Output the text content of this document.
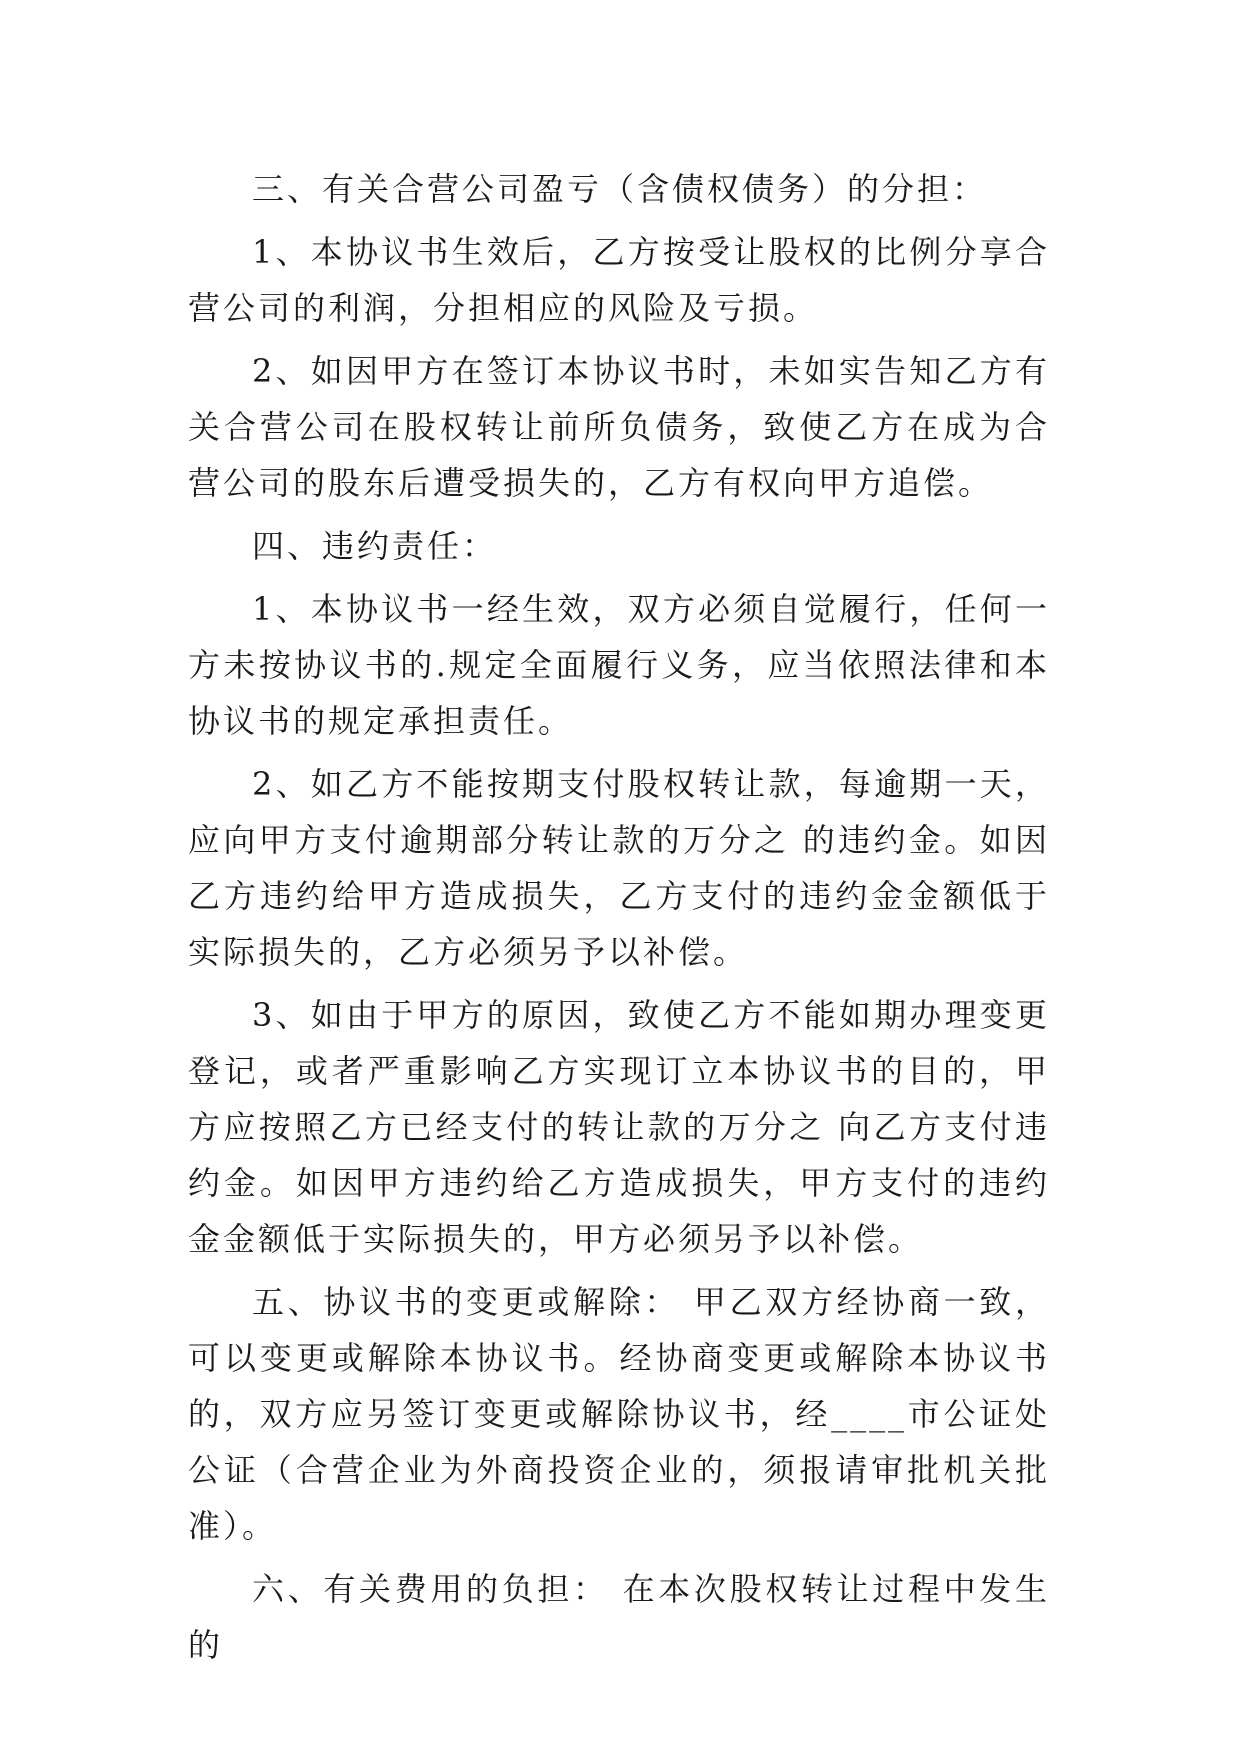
三、有关合营公司盈亏（含债权债务）的分担：

1、本协议书生效后，乙方按受让股权的比例分享合营公司的利润，分担相应的风险及亏损。

2、如因甲方在签订本协议书时，未如实告知乙方有关合营公司在股权转让前所负债务，致使乙方在成为合营公司的股东后遭受损失的，乙方有权向甲方追偿。

四、违约责任：

1、本协议书一经生效，双方必须自觉履行，任何一方未按协议书的.规定全面履行义务，应当依照法律和本协议书的规定承担责任。

2、如乙方不能按期支付股权转让款，每逾期一天，应向甲方支付逾期部分转让款的万分之 的违约金。如因乙方违约给甲方造成损失，乙方支付的违约金金额低于实际损失的，乙方必须另予以补偿。

3、如由于甲方的原因，致使乙方不能如期办理变更登记，或者严重影响乙方实现订立本协议书的目的，甲方应按照乙方已经支付的转让款的万分之 向乙方支付违约金。如因甲方违约给乙方造成损失，甲方支付的违约金金额低于实际损失的，甲方必须另予以补偿。

五、协议书的变更或解除： 甲乙双方经协商一致，可以变更或解除本协议书。经协商变更或解除本协议书的，双方应另签订变更或解除协议书，经____市公证处公证（合营企业为外商投资企业的，须报请审批机关批准）。

六、有关费用的负担： 在本次股权转让过程中发生的
